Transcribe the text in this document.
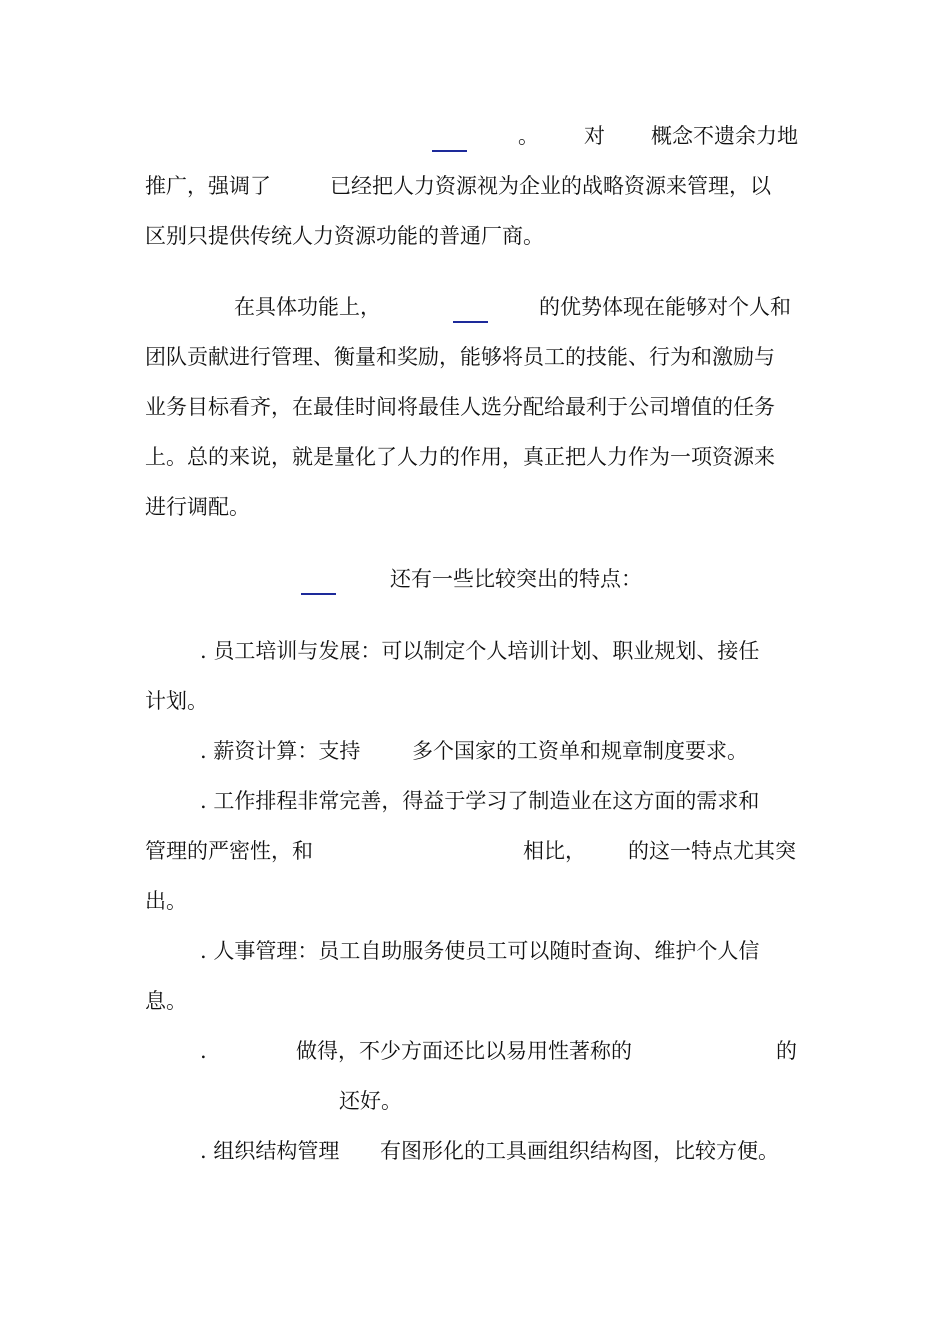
。 对 概念不遗余力地
推广，强调了	已经把人力资源视为企业的战略资源来管理，以
区别只提供传统人力资源功能的普通厂商。
在具体功能上，	的优势体现在能够对个人和
团队贡献进行管理、衡量和奖励，能够将员工的技能、行为和激励与
业务目标看齐，在最佳时间将最佳人选分配给最利于公司增值的任务
上。总的来说，就是量化了人力的作用，真正把人力作为一项资源来
进行调配。
还有一些比较突出的特点：
. 员工培训与发展：可以制定个人培训计划、职业规划、接任
计划。
. 薪资计算：支持 多个国家的工资单和规章制度要求。
. 工作排程非常完善，得益于学习了制造业在这方面的需求和
管理的严密性，和	相比， 的这一特点尤其突
出。
. 人事管理：员工自助服务使员工可以随时查询、维护个人信
息。
.	做得，不少方面还比以易用性著称的	的
还好。
. 组织结构管理 有图形化的工具画组织结构图，比较方便。
